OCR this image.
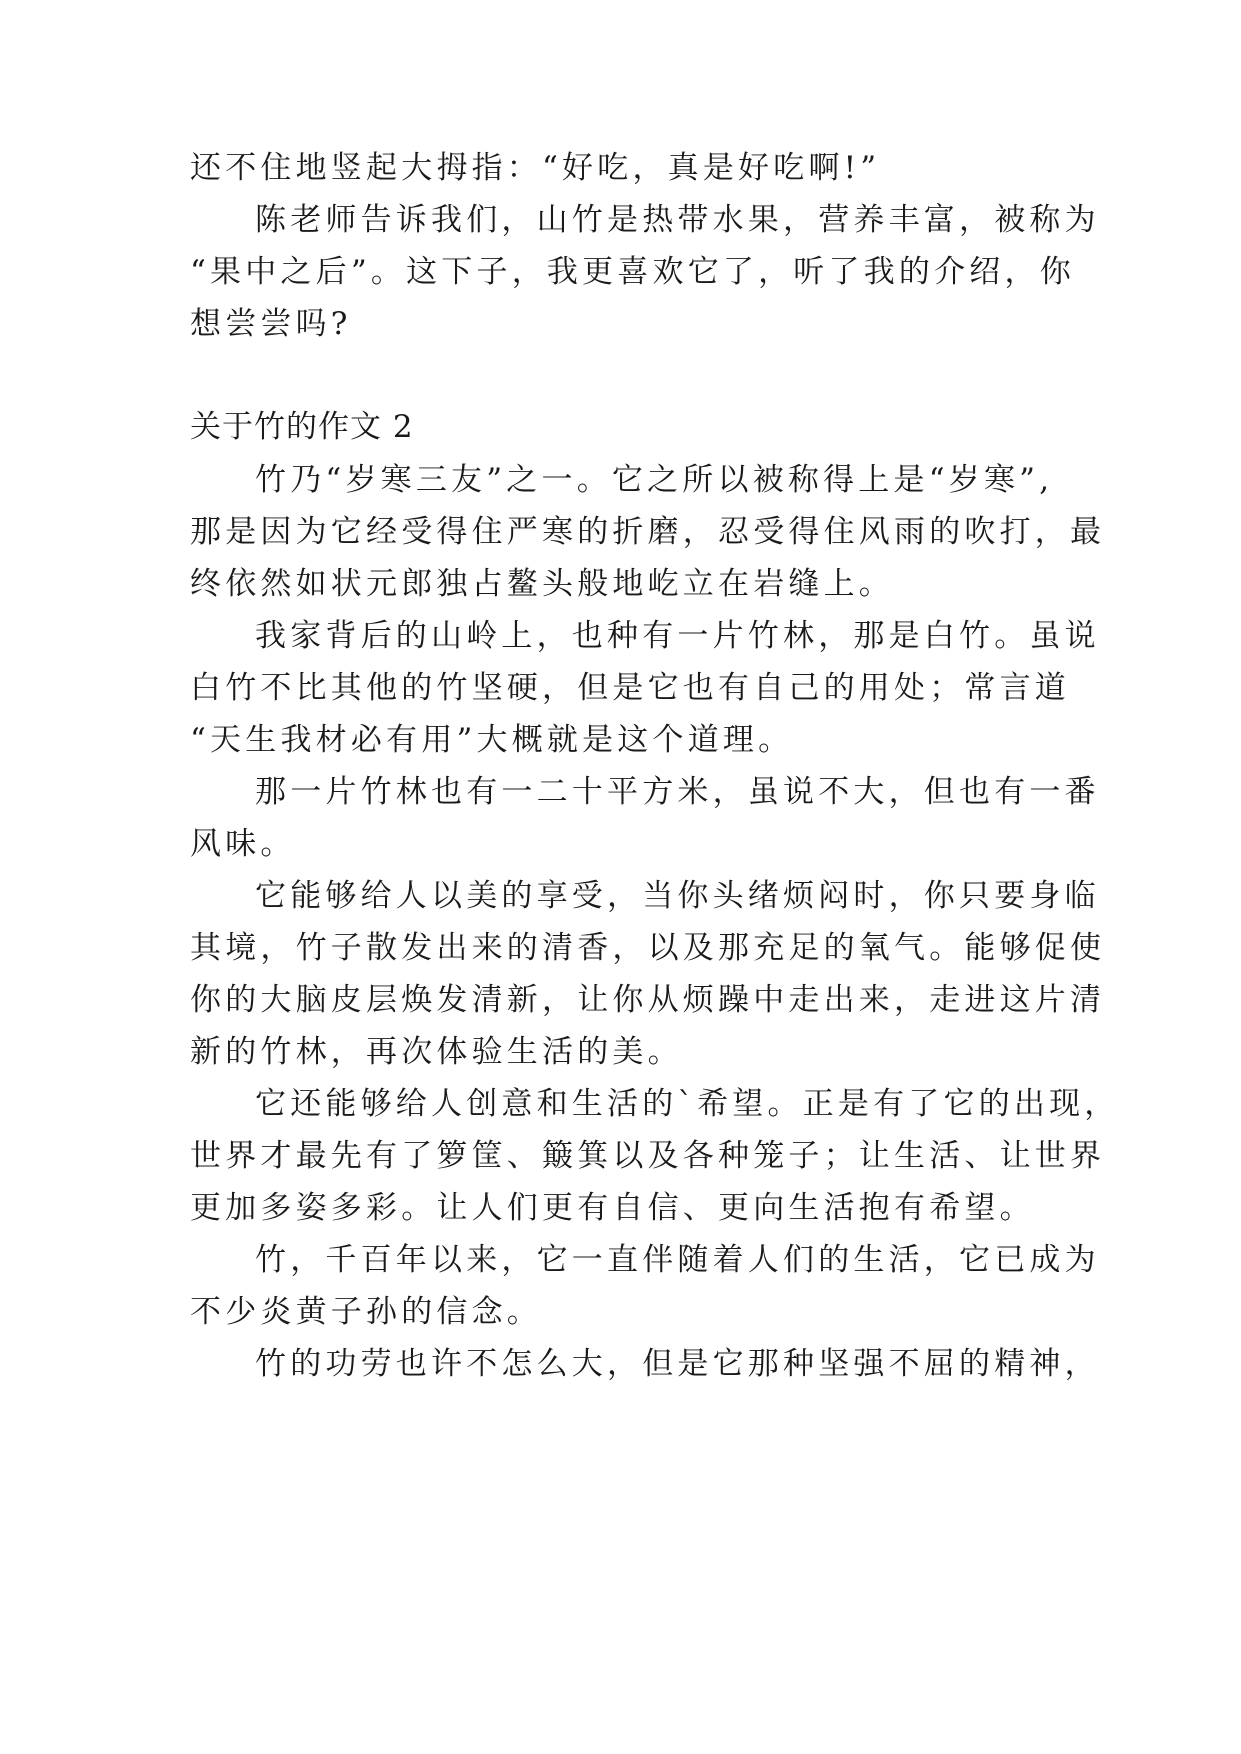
还不住地竖起大拇指：“好吃，真是好吃啊!”
陈老师告诉我们，山竹是热带水果，营养丰富，被称为
“果中之后”。这下子，我更喜欢它了，听了我的介绍，你
想尝尝吗?
关于竹的作文 2
竹乃“岁寒三友”之一。它之所以被称得上是“岁寒”,
那是因为它经受得住严寒的折磨，忍受得住风雨的吹打，最
终依然如状元郎独占鳌头般地屹立在岩缝上。
我家背后的山岭上，也种有一片竹林，那是白竹。虽说
白竹不比其他的竹坚硬，但是它也有自己的用处；常言道
“天生我材必有用”大概就是这个道理。
那一片竹林也有一二十平方米，虽说不大，但也有一番
风味。
它能够给人以美的享受，当你头绪烦闷时，你只要身临
其境，竹子散发出来的清香，以及那充足的氧气。能够促使
你的大脑皮层焕发清新，让你从烦躁中走出来，走进这片清
新的竹林，再次体验生活的美。
它还能够给人创意和生活的`希望。正是有了它的出现，
世界才最先有了箩筐、簸箕以及各种笼子；让生活、让世界
更加多姿多彩。让人们更有自信、更向生活抱有希望。
竹，千百年以来，它一直伴随着人们的生活，它已成为
不少炎黄子孙的信念。
竹的功劳也许不怎么大，但是它那种坚强不屈的精神，
